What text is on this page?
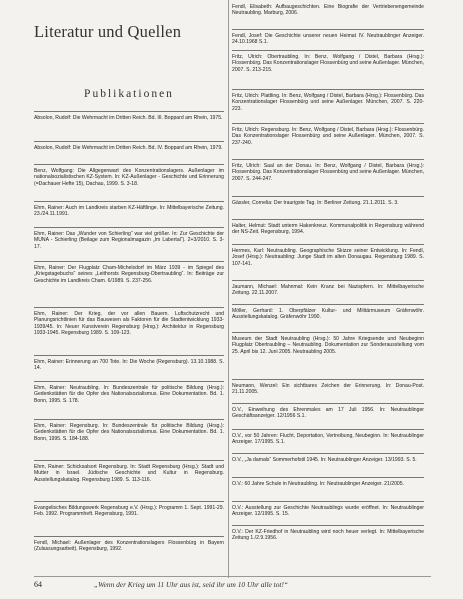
Literatur und Quellen
Publikationen
Absolon, Rudolf: Die Wehrmacht im Dritten Reich. Bd. III. Boppard am Rhein, 1975.
Absolon, Rudolf: Die Wehrmacht im Dritten Reich. Bd. IV. Boppard am Rhein, 1979.
Benz, Wolfgang: Die Allgegenwart des Konzentrationslagers. Außenlager im nationalsozialistischen KZ-System. In: KZ-Außenlager - Geschichte und Erinnerung (=Dachauer Hefte 15), Dachau, 1999. S. 3-18.
Ehm, Rainer: Auch im Landkreis starben KZ-Häftlinge. In: Mittelbayerische Zeitung. 23./24.11.1991.
Ehm, Rainer: Das „Wunder von Schierling“ war viel größer. In: Zur Geschichte der MUNA - Schierling (Beilage zum Regionalmagazin „Im Labertal“). 2+3/2010. S. 3-17.
Ehm, Rainer: Der Flugplatz Cham-Michelsdorf im März 1939 - im Spiegel des „Kriegstagebuchs“ seines „Leithorsts Regensburg-Obertraubling“. In: Beiträge zur Geschichte im Landkreis Cham. 6/1989. S. 237-256.
Ehm, Rainer: Der Krieg, der vor allen Bauern. Luftschutzrecht und Planungsrichtlinien für das Bauwesen als Faktoren für die Stadtentwicklung 1933-1939/45. In: Neuer Kunstverein Regensburg (Hrsg.): Architektur in Regensburg 1933-1945. Regensburg 1989. S. 109-123.
Ehm, Rainer: Erinnerung an 700 Tote. In: Die Woche (Regensburg). 13.10.1988. S. 14.
Ehm, Rainer: Neutraubling. In: Bundeszentrale für politische Bildung (Hrsg.): Gedenkstätten für die Opfer des Nationalsozialismus. Eine Dokumentation. Bd. 1. Bonn, 1995. S. 178.
Ehm, Rainer: Regensburg. In: Bundeszentrale für politische Bildung (Hrsg.): Gedenkstätten für die Opfer des Nationalsozialismus. Eine Dokumentation. Bd. 1. Bonn, 1995. S. 184-188.
Ehm, Rainer: Schicksalsort Regensburg. In: Stadt Regensburg (Hrsg.): Stadt und Mutter in Israel. Jüdische Geschichte und Kultur in Regensburg. Ausstellungskatalog. Regensburg 1989. S. 113-116.
Evangelisches Bildungswerk Regensburg e.V. (Hrsg.): Programm 1. Sept. 1991-29. Feb. 1992. Programmheft. Regensburg, 1991.
Fendl, Michael: Außenlager des Konzentrationslagers Flossenbürg in Bayern (Zulassungsarbeit). Regensburg, 1992.
Fendl, Elisabeth: Aufbaugeschichten. Eine Biografie der Vertriebenengemeinde Neutraubling. Marburg, 2006.
Fendl, Josef: Die Geschichte unserer neuen Heimat IV. Neutraublinger Anzeiger. 24.10.1968 S.1.
Fritz, Ulrich: Obertraubling. In: Benz, Wolfgang / Distel, Barbara (Hrsg.): Flossenbürg. Das Konzentrationslager Flossenbürg und seine Außenlager. München, 2007. S. 213-215.
Fritz, Ulrich: Plattling. In: Benz, Wolfgang / Distel, Barbara (Hrsg.): Flossenbürg. Das Konzentrationslager Flossenbürg und seine Außenlager. München, 2007. S. 220-223.
Fritz, Ulrich: Regensburg. In: Benz, Wolfgang / Distel, Barbara (Hrsg.): Flossenbürg. Das Konzentrationslager Flossenbürg und seine Außenlager. München, 2007. S. 237-240.
Fritz, Ulrich: Saal an der Donau. In: Benz, Wolfgang / Distel, Barbara (Hrsg.): Flossenbürg. Das Konzentrationslager Flossenbürg und seine Außenlager. München, 2007. S. 244-247.
Gässler, Cornelia: Der traurigste Tag. In: Berliner Zeitung. 21.1.2011. S. 3.
Halter, Helmut: Stadt unterm Hakenkreuz. Kommunalpolitik in Regensburg während der NS-Zeit. Regensburg, 1994.
Hermes, Karl: Neutraubling. Geographische Skizze seiner Entwicklung. In: Fendl, Josef (Hrsg.): Neutraubling: Junge Stadt im alten Donaugau. Regensburg 1989. S. 107-141.
Jaumann, Michael: Mahnmal: Kein Kranz bei Nazispfern. In: Mittelbayerische Zeitung. 22.11.2007.
Möller, Gerhard: 1. Oberpfälzer Kultur- und Militärmuseum Gräfenwöhr. Ausstellungskatalog. Gräfenwöhr 1990.
Museum der Stadt Neutraubling (Hrsg.): 50 Jahre Kriegsende und Neubeginn Flugplatz Obertraubling – Neutraubling. Dokumentation zur Sonderausstellung vom 25. April bis 12. Juni 2005. Neutraubling 2005.
Neumann, Wenzel: Ein sichtbares Zeichen der Erinnerung. In: Donau-Post. 21.11.2005.
O.V., Einweihung des Ehrenmales am 17 Juli 1956. In: Neutraublinger Geschäftsanzeiger. 12/1956 S.1.
O.V., vor 50 Jahren: Flucht, Deportation, Vertreibung, Neubeginn. In: Neutraublinger Anzeiger. 17/1995. S.1.
O.V., „Ja damals“ Sommerhofstil 1945. In: Neutraublinger Anzeiger. 13/1993. S. 5.
O.V.: 60 Jahre Schule in Neutraubling. In: Neutraublinger Anzeiger. 21/2005.
O.V.: Ausstellung zur Geschichte Neutraublings wurde eröffnet. In: Neutraublinger Anzeiger. 12/1995. S. 15.
O.V.: Der KZ-Friedhof in Neutraubling wird noch heuer verlegt. In: Mittelbayerische Zeitung 1./2.9.1956.
64	„Wenn der Krieg um 11 Uhr aus ist, seid ihr um 10 Uhr alle tot!“
